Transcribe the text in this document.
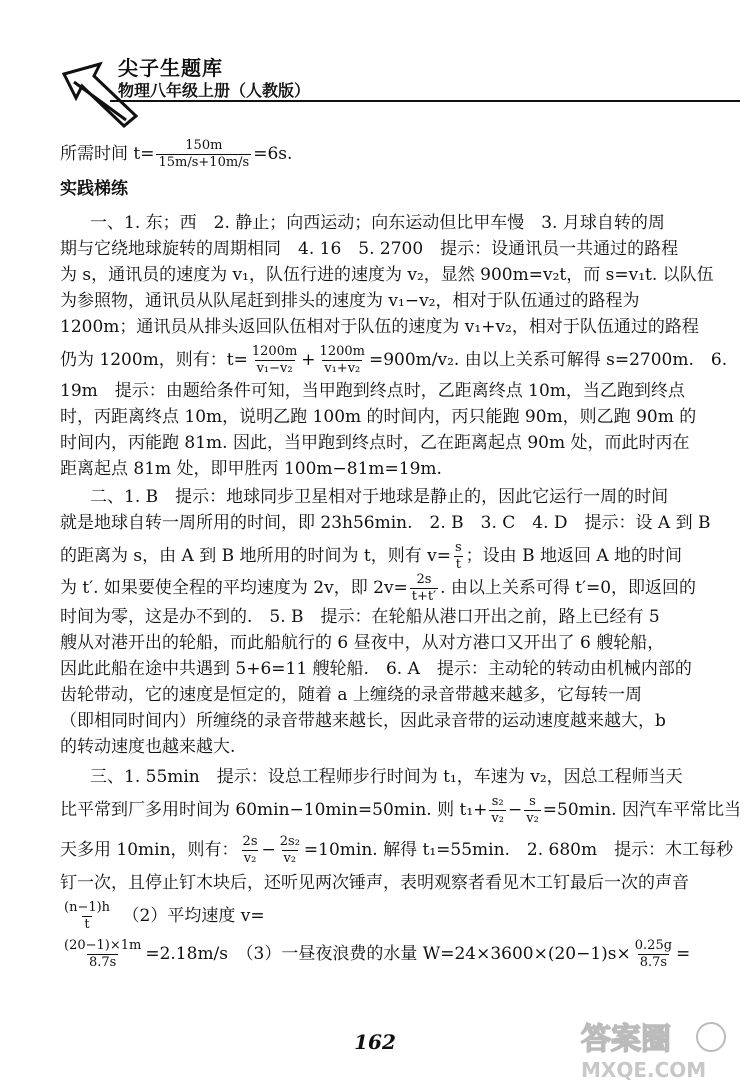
尖子生题库
物理八年级上册（人教版）
所需时间 $t= \frac{150m}{15m/s+10m/s} =6s$.
实践梯练
一、1. 东；西　2. 静止；向西运动；向东运动但比甲车慢　3. 月球自转的周
期与它绕地球旋转的周期相同　4. 16　5. 2700　提示：设通讯员一共通过的路程
为 s，通讯员的速度为 v₁，队伍行进的速度为 v₂，显然 900m=v₂t，而 s=v₁t. 以队伍
为参照物，通讯员从队尾赶到排头的速度为 v₁−v₂，相对于队伍通过的路程为
1200m；通讯员从排头返回队伍相对于队伍的速度为 v₁+v₂，相对于队伍通过的路程
仍为 1200m，则有：$t= \frac{1200m}{\text{v₁−v₂}} + \frac{1200m}{\text{v₁+v₂}} =900m/v_2$. 由以上关系可解得 s=2700m.　6.
19m　提示：由题给条件可知，当甲跑到终点时，乙距离终点 10m，当乙跑到终点
时，丙距离终点 10m，说明乙跑 100m 的时间内，丙只能跑 90m，则乙跑 90m 的
时间内，丙能跑 81m. 因此，当甲跑到终点时，乙在距离起点 90m 处，而此时丙在
距离起点 81m 处，即甲胜丙 100m−81m=19m.
二、1. B　提示：地球同步卫星相对于地球是静止的，因此它运行一周的时间
就是地球自转一周所用的时间，即 23h56min.　2. B　3. C　4. D　提示：设 A 到 B
的距离为 s，由 A 到 B 地所用的时间为 t，则有 $v= \frac{s}{t}$ ；设由 B 地返回 A 地的时间
为 t′. 如果要使全程的平均速度为 2v，即 $2v= \frac{2s}{t+t'}$ . 由以上关系可得 t′=0，即返回的
时间为零，这是办不到的.　5. B　提示：在轮船从港口开出之前，路上已经有 5
艘从对港开出的轮船，而此船航行的 6 昼夜中，从对方港口又开出了 6 艘轮船，
因此此船在途中共遇到 5+6=11 艘轮船.　6. A　提示：主动轮的转动由机械内部的
齿轮带动，它的速度是恒定的，随着 a 上缠绕的录音带越来越多，它每转一周
（即相同时间内）所缠绕的录音带越来越长，因此录音带的运动速度越来越大，b
的转动速度也越来越大.
三、1. 55min　提示：设总工程师步行时间为 t₁，车速为 v₂，因总工程师当天
比平常到厂多用时间为 60min−10min=50min. 则 $t_1+ \frac{\text{s₂}}{\text{v₂}} - \frac{s}{\text{v₂}} =50\min$. 因汽车平常比当
天多用 10min，则有： $\frac{2s}{\text{v₂}} - \frac{\text{2s₂}}{\text{v₂}} =10\min$. 解得 t₁=55min.　2. 680m　提示：木工每秒
钉一次，且停止钉木块后，还听见两次锤声，表明观察者看见木工钉最后一次的声音
$\frac{(n-1)h}{t}$ 　（2）平均速度 v=
$\frac{(20-1)\times 1m}{8.7s} =2.18m/s$　（3）一昼夜浪费的水量 $W=24\times 3600\times(20-1)s\times \frac{0.25g}{8.7s}$ =
162	答案圈
MXQE.COM
